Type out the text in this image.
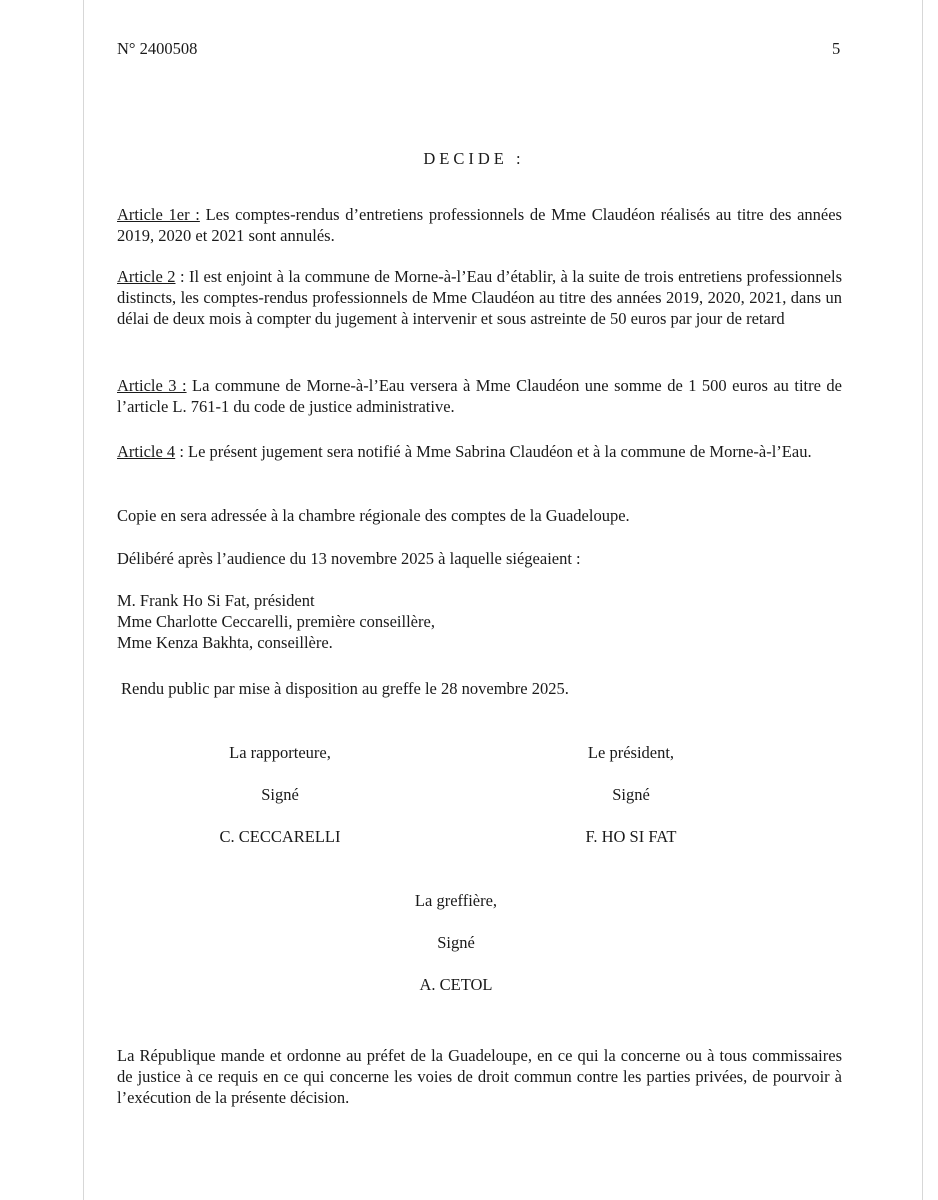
N° 2400508	5
DECIDE :
Article 1er : Les comptes-rendus d’entretiens professionnels de Mme Claudéon réalisés au titre des années 2019, 2020 et 2021 sont annulés.
Article 2 : Il est enjoint à la commune de Morne-à-l’Eau d’établir, à la suite de trois entretiens professionnels distincts, les comptes-rendus professionnels de Mme Claudéon au titre des années 2019, 2020, 2021, dans un délai de deux mois à compter du jugement à intervenir et sous astreinte de 50 euros par jour de retard
Article 3 : La commune de Morne-à-l’Eau versera à Mme Claudéon une somme de 1 500 euros au titre de l’article L. 761-1 du code de justice administrative.
Article 4 : Le présent jugement sera notifié à Mme Sabrina Claudéon et à la commune de Morne-à-l’Eau.
Copie en sera adressée à la chambre régionale des comptes de la Guadeloupe.
Délibéré après l’audience du 13 novembre 2025 à laquelle siégeaient :

M. Frank Ho Si Fat, président

Mme Charlotte Ceccarelli, première conseillère,

Mme Kenza Bakhta, conseillère.

Rendu public par mise à disposition au greffe le 28 novembre 2025.

La rapporteure,

Signé

C. CECCARELLI

Le président,

Signé

F. HO SI FAT

La greffière,

Signé

A. CETOL

La République mande et ordonne au préfet de la Guadeloupe, en ce qui la concerne ou à tous commissaires de justice à ce requis en ce qui concerne les voies de droit commun contre les parties privées, de pourvoir à l’exécution de la présente décision.
